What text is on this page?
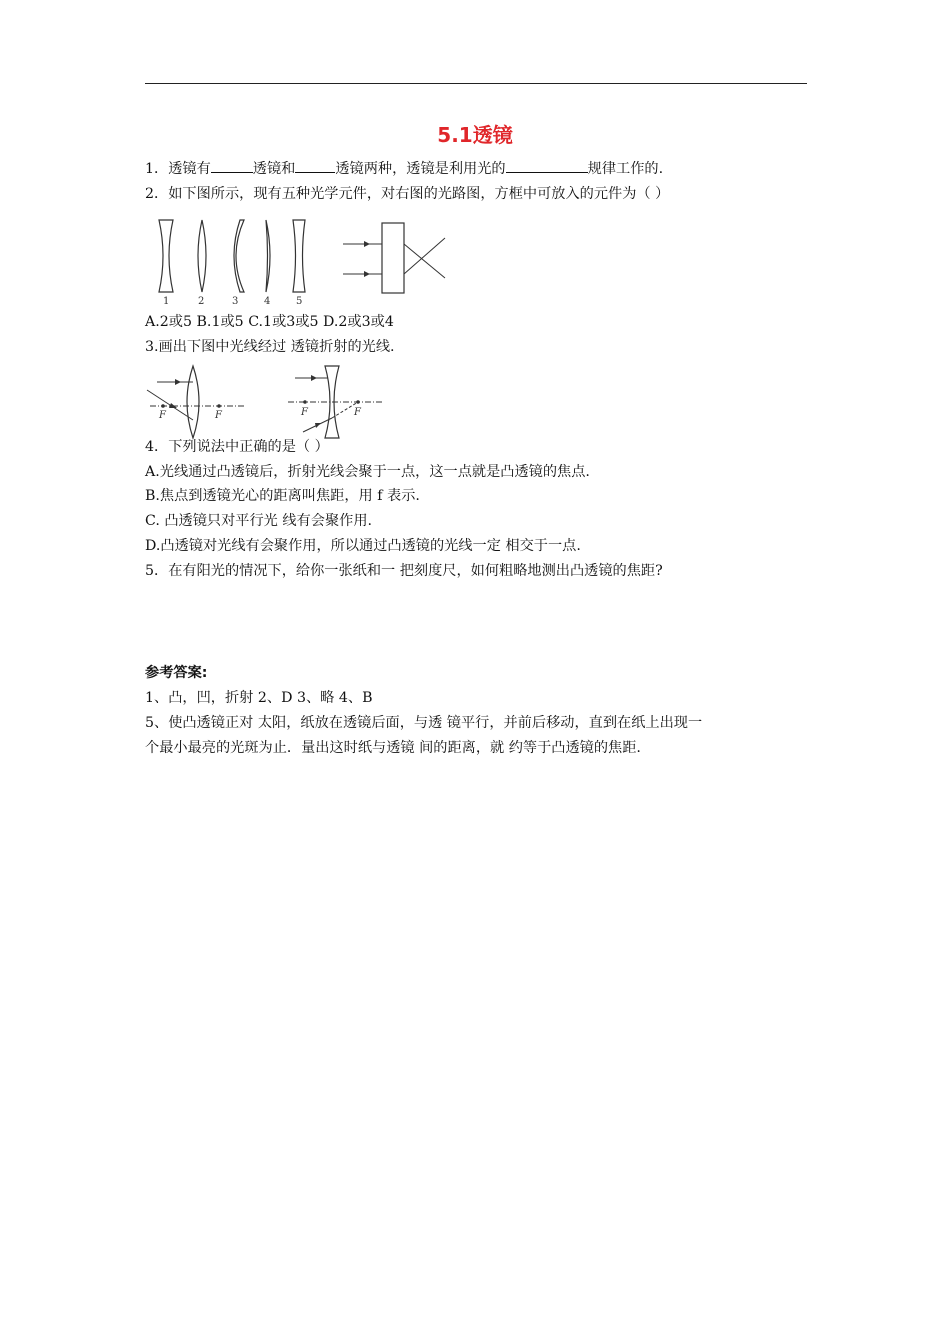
5.1透镜
1．透镜有	透镜和	透镜两种，透镜是利用光的	规律工作的.
2．如下图所示，现有五种光学元件，对右图的光路图，方框中可放入的元件为（ ）
1	2	3	4	5
A.2或5 B.1或5 C.1或3或5 D.2或3或4
3.画出下图中光线经过 透镜折射的光线.
F	F	F	F
4．下列说法中正确的是（ ）
A.光线通过凸透镜后，折射光线会聚于一点，这一点就是凸透镜的焦点.
B.焦点到透镜光心的距离叫焦距，用 f 表示.
C. 凸透镜只对平行光 线有会聚作用.
D.凸透镜对光线有会聚作用，所以通过凸透镜的光线一定 相交于一点.
5．在有阳光的情况下，给你一张纸和一 把刻度尺，如何粗略地测出凸透镜的焦距?
参考答案:
1、凸，凹，折射 2、D 3、略 4、B
5、使凸透镜正对 太阳，纸放在透镜后面，与透 镜平行，并前后移动，直到在纸上出现一
个最小最亮的光斑为止．量出这时纸与透镜 间的距离，就 约等于凸透镜的焦距.
